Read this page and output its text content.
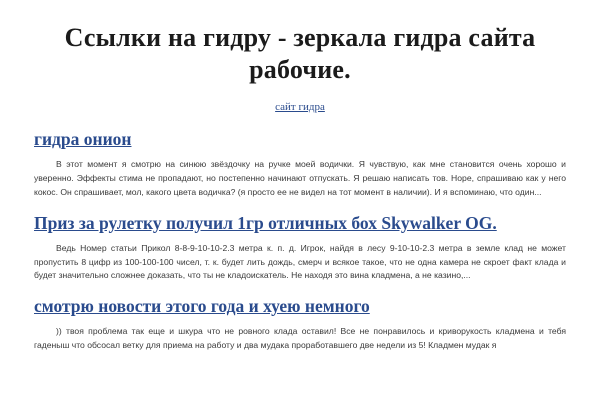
Ссылки на гидру - зеркала гидра сайта рабочие.
сайт гидра
гидра онион

В этот момент я смотрю на синюю звёздочку на ручке моей водички. Я чувствую, как мне становится очень хорошо и уверенно. Эффекты стима не пропадают, но постепенно начинают отпускать. Я решаю написать тов. Норе, спрашиваю как у него кокос. Он спрашивает, мол, какого цвета водичка? (я просто ее не видел на тот момент в наличии). И я вспоминаю, что один...

Приз за рулетку получил 1гр отличных бох Skywalker OG.

Ведь Номер статьи Прикол 8-8-9-10-10-2.3 метра к. п. д. Игрок, найдя в лесу 9-10-10-2.3 метра в земле клад не может пропустить 8 цифр из 100-100-100 чисел, т. к. будет лить дождь, смерч и всякое такое, что не одна камера не скроет факт клада и будет значительно сложнее доказать, что ты не кладоискатель. Не находя это вина кладмена, а не казино,...

смотрю новости этого года и хуею немного

)) твоя проблема так еще и шкура что не ровного клада оставил! Все не понравилось и криворукость кладмена и тебя гаденыш что обсосал ветку для приема на работу и два мудака проработавшего две недели из 5! Кладмен мудак я
